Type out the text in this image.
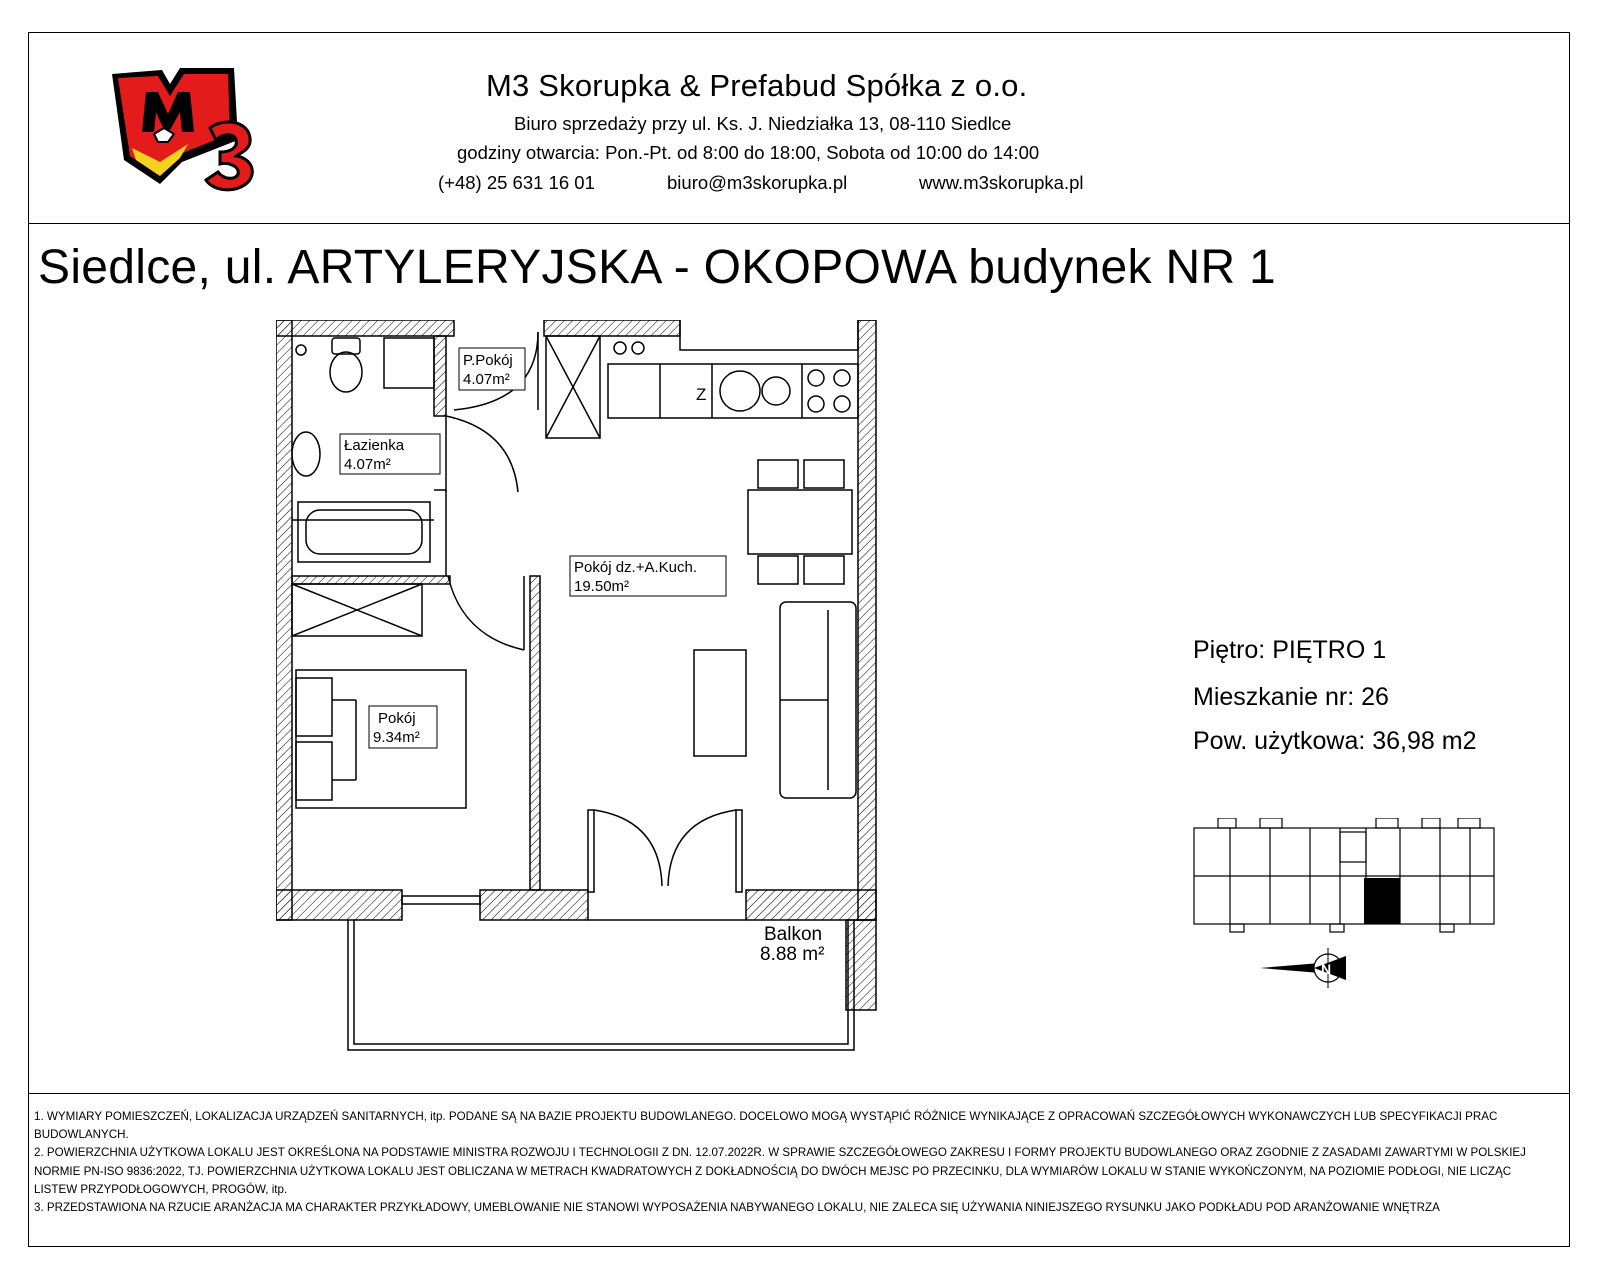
M3 Skorupka & Prefabud Spółka z o.o.
Biuro sprzedaży przy ul. Ks. J. Niedziałka 13, 08-110 Siedlce
godziny otwarcia: Pon.-Pt. od 8:00 do 18:00, Sobota od 10:00 do 14:00
(+48) 25 631 16 01	biuro@m3skorupka.pl	www.m3skorupka.pl
Siedlce, ul. ARTYLERYJSKA - OKOPOWA budynek NR 1
P.Pokój
4.07m²
Łazienka
4.07m²
Pokój dz.+A.Kuch.
19.50m²
Pokój
9.34m²
Balkon
8.88 m²
Z
Piętro: PIĘTRO 1
Mieszkanie nr: 26
Pow. użytkowa: 36,98 m2
N

1. WYMIARY POMIESZCZEŃ, LOKALIZACJA URZĄDZEŃ SANITARNYCH, itp. PODANE SĄ NA BAZIE PROJEKTU BUDOWLANEGO. DOCELOWO MOGĄ WYSTĄPIĆ RÓŻNICE WYNIKAJĄCE Z OPRACOWAŃ SZCZEGÓŁOWYCH WYKONAWCZYCH LUB SPECYFIKACJI PRAC BUDOWLANYCH.

2. POWIERZCHNIA UŻYTKOWA LOKALU JEST OKREŚLONA NA PODSTAWIE MINISTRA ROZWOJU I TECHNOLOGII Z DN. 12.07.2022R. W SPRAWIE SZCZEGÓŁOWEGO ZAKRESU I FORMY PROJEKTU BUDOWLANEGO ORAZ ZGODNIE Z ZASADAMI ZAWARTYMI W POLSKIEJ NORMIE PN-ISO 9836:2022, TJ. POWIERZCHNIA UŻYTKOWA LOKALU JEST OBLICZANA W METRACH KWADRATOWYCH Z DOKŁADNOŚCIĄ DO DWÓCH MEJSC PO PRZECINKU, DLA WYMIARÓW LOKALU W STANIE WYKOŃCZONYM, NA POZIOMIE PODŁOGI, NIE LICZĄC LISTEW PRZYPODŁOGOWYCH, PROGÓW, itp.

3. PRZEDSTAWIONA NA RZUCIE ARANŻACJA MA CHARAKTER PRZYKŁADOWY, UMEBLOWANIE NIE STANOWI WYPOSAŻENIA NABYWANEGO LOKALU, NIE ZALECA SIĘ UŻYWANIA NINIEJSZEGO RYSUNKU JAKO PODKŁADU POD ARANŻOWANIE WNĘTRZA
